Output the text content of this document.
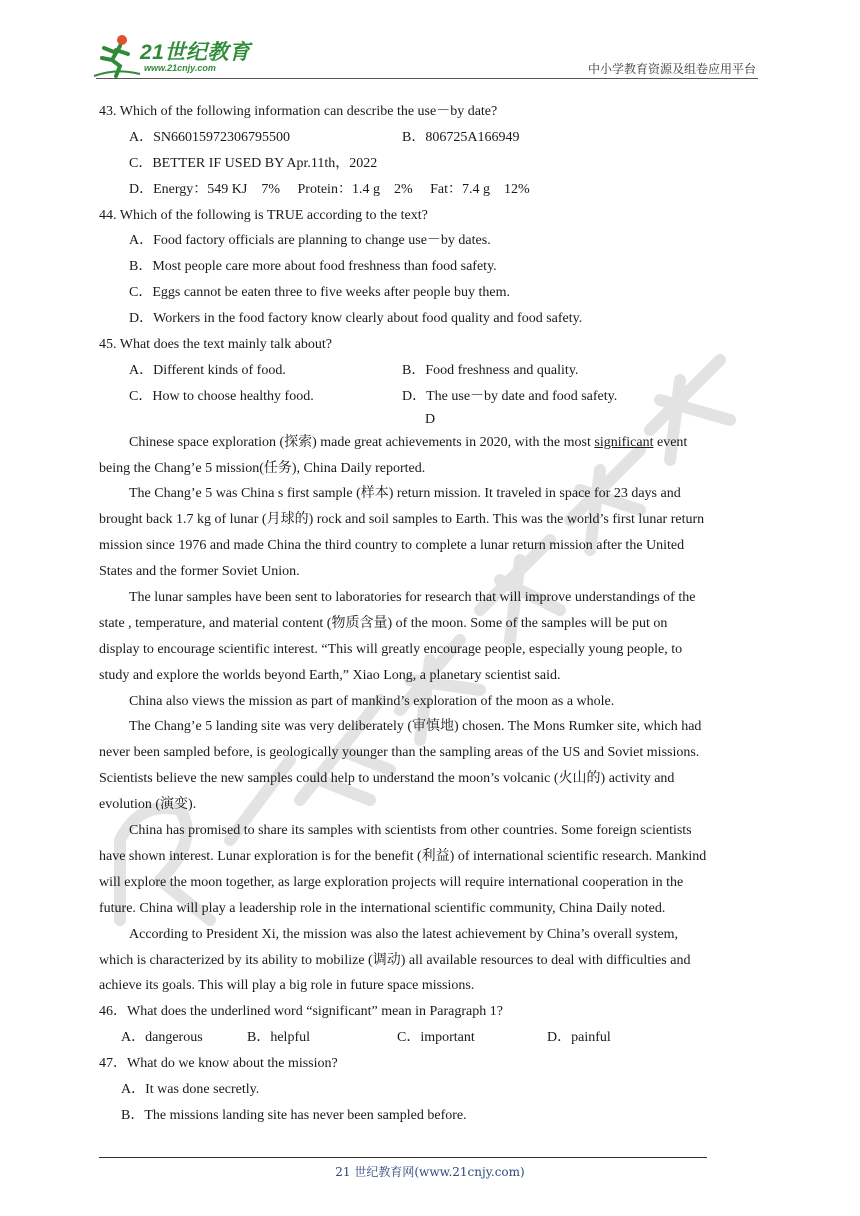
21世纪教育
www.21cnjy.com	中小学教育资源及组卷应用平台
43. Which of the following information can describe the use－by date?
A．SN66015972306795500	B．806725A166949
C．BETTER IF USED BY Apr.11th，2022
D．Energy：549 KJ    7%     Protein：1.4 g    2%     Fat：7.4 g    12%
44. Which of the following is TRUE according to the text?
A．Food factory officials are planning to change use－by dates.
B．Most people care more about food freshness than food safety.
C．Eggs cannot be eaten three to five weeks after people buy them.
D．Workers in the food factory know clearly about food quality and food safety.
45. What does the text mainly talk about?
A．Different kinds of food.	B．Food freshness and quality.
C．How to choose healthy food.	D．The use－by date and food safety.
D
Chinese space exploration (探索) made great achievements in 2020, with the most significant event
being the Chang’e 5 mission(任务), China Daily reported.
The Chang’e 5 was China s first sample (样本) return mission. It traveled in space for 23 days and
brought back 1.7 kg of lunar (月球的) rock and soil samples to Earth. This was the world’s first lunar return
mission since 1976 and made China the third country to complete a lunar return mission after the United
States and the former Soviet Union.
The lunar samples have been sent to laboratories for research that will improve understandings of the
state , temperature, and material content (物质含量) of the moon. Some of the samples will be put on
display to encourage scientific interest. “This will greatly encourage people, especially young people, to
study and explore the worlds beyond Earth,” Xiao Long, a planetary scientist said.
China also views the mission as part of mankind’s exploration of the moon as a whole.
The Chang’e 5 landing site was very deliberately (审慎地) chosen. The Mons Rumker site, which had
never been sampled before, is geologically younger than the sampling areas of the US and Soviet missions.
Scientists believe the new samples could help to understand the moon’s volcanic (火山的) activity and
evolution (演变).
China has promised to share its samples with scientists from other countries. Some foreign scientists
have shown interest. Lunar exploration is for the benefit (利益) of international scientific research. Mankind
will explore the moon together, as large exploration projects will require international cooperation in the
future. China will play a leadership role in the international scientific community, China Daily noted.
According to President Xi, the mission was also the latest achievement by China’s overall system,
which is characterized by its ability to mobilize (调动) all available resources to deal with difficulties and
achieve its goals. This will play a big role in future space missions.
46．What does the underlined word “significant” mean in Paragraph 1?
A．dangerous	B．helpful	C．important	D．painful
47．What do we know about the mission?
A．It was done secretly.
B．The missions landing site has never been sampled before.
21 世纪教育网(www.21cnjy.com)
